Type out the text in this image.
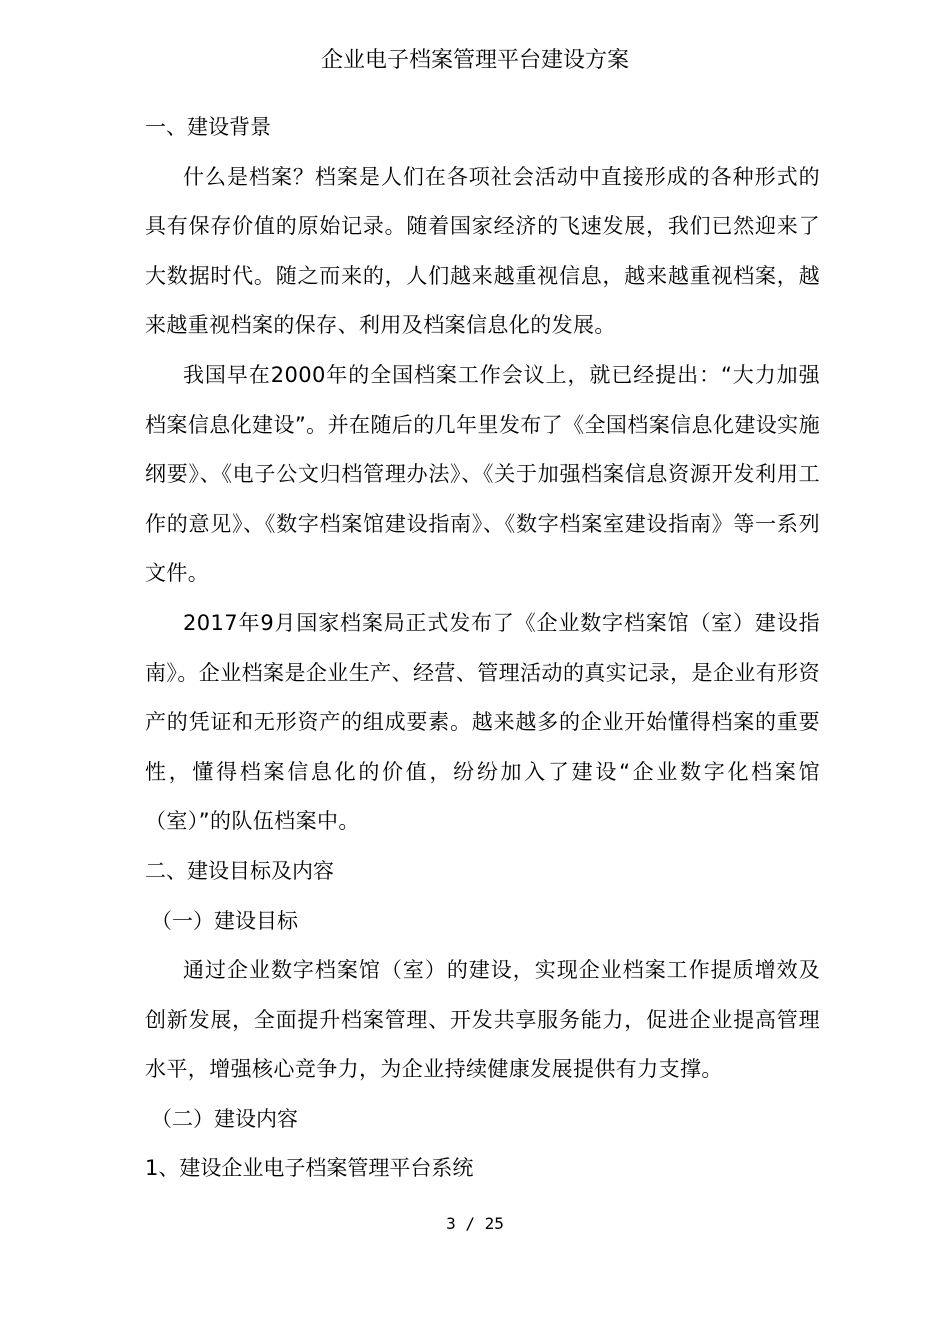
企业电子档案管理平台建设方案

一、建设背景

什么是档案？档案是人们在各项社会活动中直接形成的各种形式的具有保存价值的原始记录。随着国家经济的飞速发展，我们已然迎来了大数据时代。随之而来的，人们越来越重视信息，越来越重视档案，越来越重视档案的保存、利用及档案信息化的发展。

我国早在2000年的全国档案工作会议上，就已经提出：“大力加强档案信息化建设”。并在随后的几年里发布了《全国档案信息化建设实施纲要》、《电子公文归档管理办法》、《关于加强档案信息资源开发利用工作的意见》、《数字档案馆建设指南》、《数字档案室建设指南》等一系列文件。

2017年9月国家档案局正式发布了《企业数字档案馆（室）建设指南》。企业档案是企业生产、经营、管理活动的真实记录，是企业有形资产的凭证和无形资产的组成要素。越来越多的企业开始懂得档案的重要性，懂得档案信息化的价值，纷纷加入了建设“企业数字化档案馆（室）”的队伍档案中。

二、建设目标及内容

（一）建设目标

通过企业数字档案馆（室）的建设，实现企业档案工作提质增效及创新发展，全面提升档案管理、开发共享服务能力，促进企业提高管理水平，增强核心竞争力，为企业持续健康发展提供有力支撑。

（二）建设内容

1、建设企业电子档案管理平台系统

3 / 25
